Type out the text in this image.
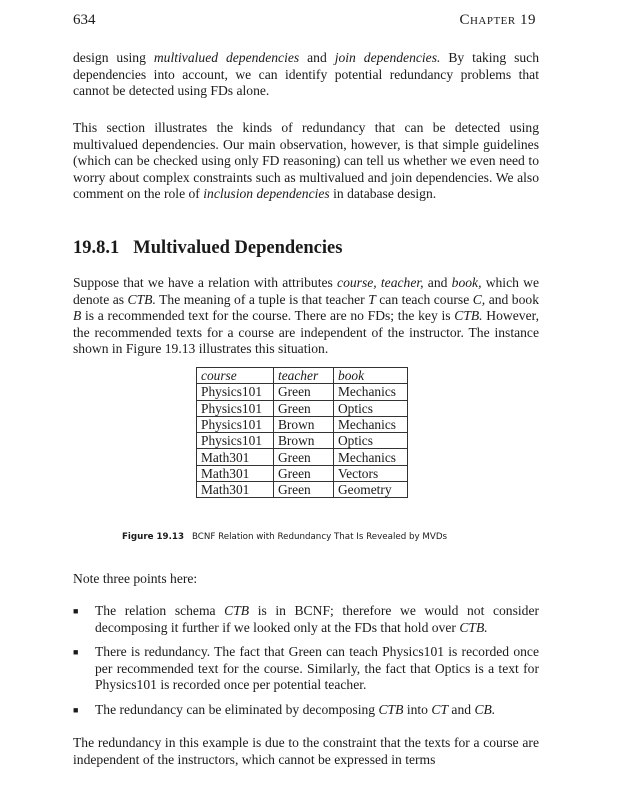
634	Chapter 19

design using multivalued dependencies and join dependencies. By taking such dependencies into account, we can identify potential redundancy problems that cannot be detected using FDs alone.

This section illustrates the kinds of redundancy that can be detected using multivalued dependencies. Our main observation, however, is that simple guidelines (which can be checked using only FD reasoning) can tell us whether we even need to worry about complex constraints such as multivalued and join dependencies. We also comment on the role of inclusion dependencies in database design.

19.8.1 Multivalued Dependencies

Suppose that we have a relation with attributes course, teacher, and book, which we denote as CTB. The meaning of a tuple is that teacher T can teach course C, and book B is a recommended text for the course. There are no FDs; the key is CTB. However, the recommended texts for a course are independent of the instructor. The instance shown in Figure 19.13 illustrates this situation.

course	teacher	book
Physics101	Green	Mechanics
Physics101	Green	Optics
Physics101	Brown	Mechanics
Physics101	Brown	Optics
Math301	Green	Mechanics
Math301	Green	Vectors
Math301	Green	Geometry
Figure 19.13 BCNF Relation with Redundancy That Is Revealed by MVDs

Note three points here:

■ The relation schema CTB is in BCNF; therefore we would not consider decomposing it further if we looked only at the FDs that hold over CTB.
■ There is redundancy. The fact that Green can teach Physics101 is recorded once per recommended text for the course. Similarly, the fact that Optics is a text for Physics101 is recorded once per potential teacher.
■ The redundancy can be eliminated by decomposing CTB into CT and CB.

The redundancy in this example is due to the constraint that the texts for a course are independent of the instructors, which cannot be expressed in terms
